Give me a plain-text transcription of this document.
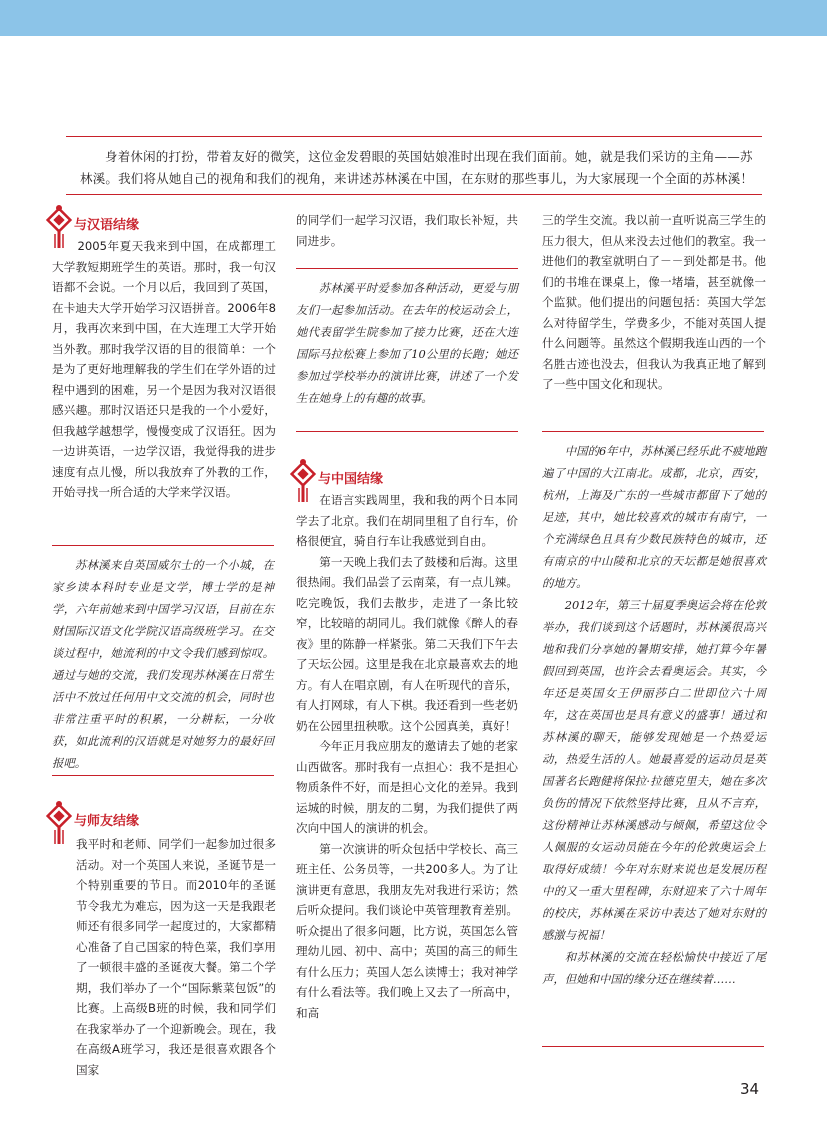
身着休闲的打扮，带着友好的微笑，这位金发碧眼的英国姑娘准时出现在我们面前。她，就是我们采访的主角——苏林溪。我们将从她自己的视角和我们的视角，来讲述苏林溪在中国，在东财的那些事儿，为大家展现一个全面的苏林溪！

与汉语结缘

2005年夏天我来到中国，在成都理工大学教短期班学生的英语。那时，我一句汉语都不会说。一个月以后，我回到了英国，在卡迪夫大学开始学习汉语拼音。2006年8月，我再次来到中国，在大连理工大学开始当外教。那时我学汉语的目的很简单：一个是为了更好地理解我的学生们在学外语的过程中遇到的困难，另一个是因为我对汉语很感兴趣。那时汉语还只是我的一个小爱好，但我越学越想学，慢慢变成了汉语狂。因为一边讲英语，一边学汉语，我觉得我的进步速度有点儿慢，所以我放弃了外教的工作，开始寻找一所合适的大学来学汉语。

苏林溪来自英国威尔士的一个小城，在家乡读本科时专业是文学，博士学的是神学，六年前她来到中国学习汉语，目前在东财国际汉语文化学院汉语高级班学习。在交谈过程中，她流利的中文令我们感到惊叹。通过与她的交流，我们发现苏林溪在日常生活中不放过任何用中文交流的机会，同时也非常注重平时的积累，一分耕耘，一分收获，如此流利的汉语就是对她努力的最好回报吧。

与师友结缘

我平时和老师、同学们一起参加过很多活动。对一个英国人来说，圣诞节是一个特别重要的节日。而2010年的圣诞节令我尤为难忘，因为这一天是我跟老师还有很多同学一起度过的，大家都精心准备了自己国家的特色菜，我们享用了一顿很丰盛的圣诞夜大餐。第二个学期，我们举办了一个“国际紫菜包饭”的比赛。上高级B班的时候，我和同学们在我家举办了一个迎新晚会。现在，我在高级A班学习，我还是很喜欢跟各个国家

的同学们一起学习汉语，我们取长补短，共同进步。

苏林溪平时爱参加各种活动，更爱与朋友们一起参加活动。在去年的校运动会上，她代表留学生院参加了接力比赛，还在大连国际马拉松赛上参加了10公里的长跑；她还参加过学校举办的演讲比赛，讲述了一个发生在她身上的有趣的故事。

与中国结缘

在语言实践周里，我和我的两个日本同学去了北京。我们在胡同里租了自行车，价格很便宜，骑自行车让我感觉到自由。

第一天晚上我们去了鼓楼和后海。这里很热闹。我们品尝了云南菜，有一点儿辣。吃完晚饭，我们去散步，走进了一条比较窄，比较暗的胡同儿。我们就像《醉人的春夜》里的陈静一样紧张。第二天我们下午去了天坛公园。这里是我在北京最喜欢去的地方。有人在唱京剧，有人在听现代的音乐，有人打网球，有人下棋。我还看到一些老奶奶在公园里扭秧歌。这个公园真美，真好！

今年正月我应朋友的邀请去了她的老家山西做客。那时我有一点担心：我不是担心物质条件不好，而是担心文化的差异。我到运城的时候，朋友的二舅，为我们提供了两次向中国人的演讲的机会。

第一次演讲的听众包括中学校长、高三班主任、公务员等，一共200多人。为了让演讲更有意思，我朋友先对我进行采访；然后听众提问。我们谈论中英管理教育差别。听众提出了很多问题，比方说，英国怎么管理幼儿园、初中、高中；英国的高三的师生有什么压力；英国人怎么读博士；我对神学有什么看法等。我们晚上又去了一所高中，和高

三的学生交流。我以前一直听说高三学生的压力很大，但从来没去过他们的教室。我一进他们的教室就明白了－－到处都是书。他们的书堆在课桌上，像一堵墙，甚至就像一个监狱。他们提出的问题包括：英国大学怎么对待留学生，学费多少，不能对英国人提什么问题等。虽然这个假期我连山西的一个名胜古迹也没去，但我认为我真正地了解到了一些中国文化和现状。

中国的6年中，苏林溪已经乐此不疲地跑遍了中国的大江南北。成都，北京，西安，杭州，上海及广东的一些城市都留下了她的足迹，其中，她比较喜欢的城市有南宁，一个充满绿色且具有少数民族特色的城市，还有南京的中山陵和北京的天坛都是她很喜欢的地方。

2012年，第三十届夏季奥运会将在伦敦举办，我们谈到这个话题时，苏林溪很高兴地和我们分享她的暑期安排，她打算今年暑假回到英国，也许会去看奥运会。其实，今年还是英国女王伊丽莎白二世即位六十周年，这在英国也是具有意义的盛事！通过和苏林溪的聊天，能够发现她是一个热爱运动，热爱生活的人。她最喜爱的运动员是英国著名长跑健将保拉·拉德克里夫，她在多次负伤的情况下依然坚持比赛，且从不言弃，这份精神让苏林溪感动与倾佩，希望这位令人佩服的女运动员能在今年的伦敦奥运会上取得好成绩！今年对东财来说也是发展历程中的又一重大里程碑，东财迎来了六十周年的校庆，苏林溪在采访中表达了她对东财的感激与祝福！

和苏林溪的交流在轻松愉快中接近了尾声，但她和中国的缘分还在继续着……

34
